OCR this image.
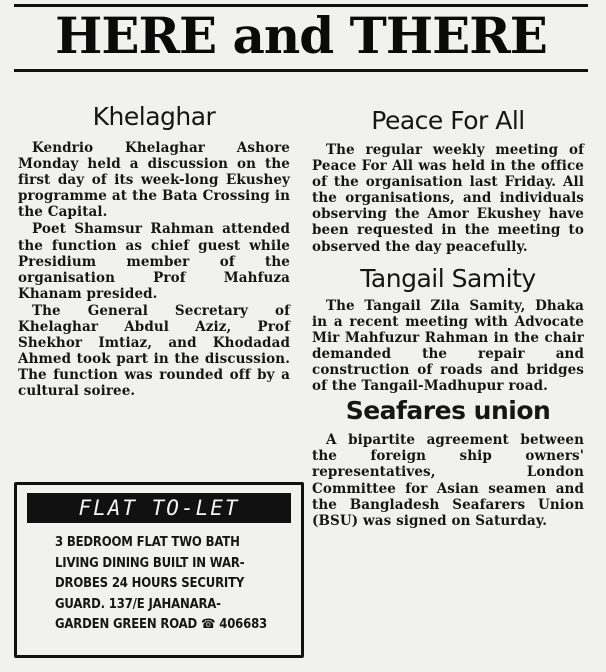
HERE and THERE
Khelaghar

Kendrio Khelaghar Ashore Monday held a discussion on the first day of its week-long Ekushey programme at the Bata Crossing in the Capital.

Poet Shamsur Rahman attended the function as chief guest while Presidium member of the organisation Prof Mahfuza Khanam presided.

The General Secretary of Khelaghar Abdul Aziz, Prof Shekhor Imtiaz, and Khodadad Ahmed took part in the discussion. The function was rounded off by a cultural soiree.

Peace For All

The regular weekly meeting of Peace For All was held in the office of the organisation last Friday. All the organisations, and individuals observing the Amor Ekushey have been requested in the meeting to observed the day peacefully.

Tangail Samity

The Tangail Zila Samity, Dhaka in a recent meeting with Advocate Mir Mahfuzur Rahman in the chair demanded the repair and construction of roads and bridges of the Tangail-Madhupur road.

Seafares union

A bipartite agreement between the foreign ship owners' representatives, London Committee for Asian seamen and the Bangladesh Seafarers Union (BSU) was signed on Saturday.

FLAT TO-LET
3 BEDROOM FLAT TWO BATH
LIVING DINING BUILT IN WAR-
DROBES 24 HOURS SECURITY
GUARD. 137/E JAHANARA-
GARDEN GREEN ROAD ☎ 406683
